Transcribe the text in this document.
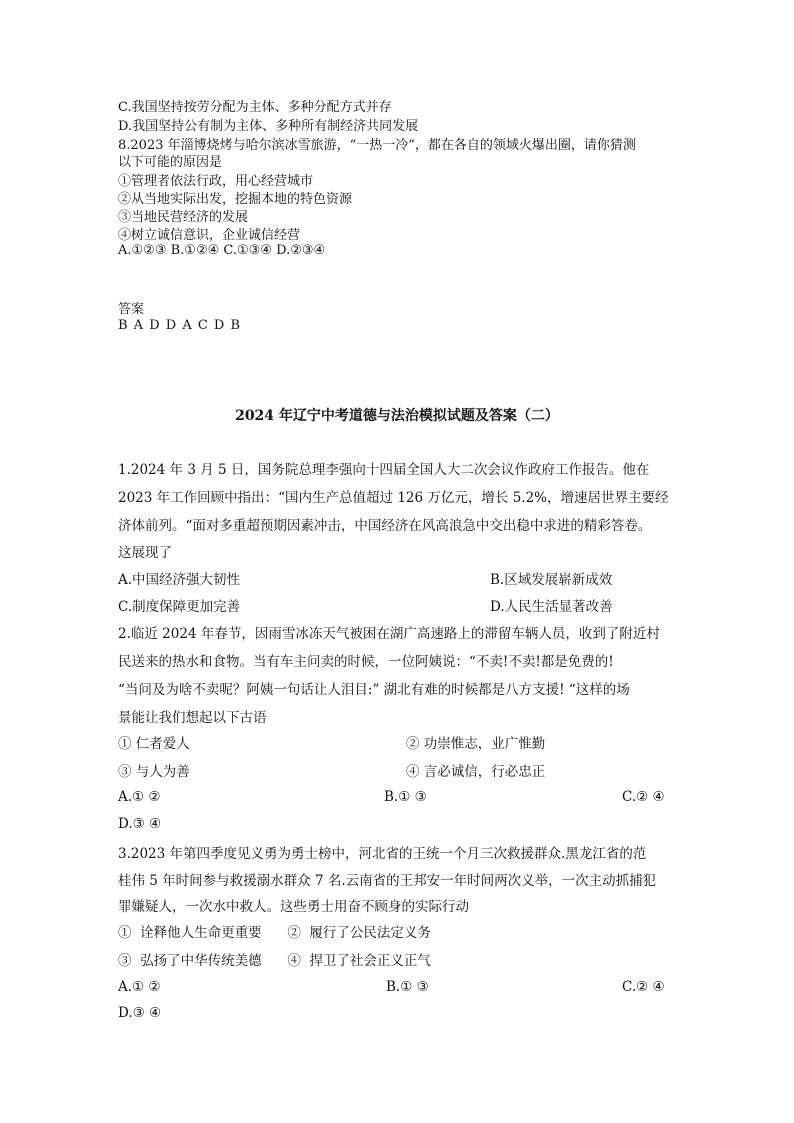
C.我国坚持按劳分配为主体、多种分配方式并存
D.我国坚持公有制为主体、多种所有制经济共同发展
8.2023 年淄博烧烤与哈尔滨冰雪旅游，“一热一冷”，都在各自的领域火爆出圈，请你猜测
以下可能的原因是
①管理者依法行政，用心经营城市
②从当地实际出发，挖掘本地的特色资源
③当地民营经济的发展
④树立诚信意识，企业诚信经营
A.①②③ B.①②④ C.①③④ D.②③④
答案
B A D D A C D B
2024 年辽宁中考道德与法治模拟试题及答案（二）
1.2024 年 3 月 5 日，国务院总理李强向十四届全国人大二次会议作政府工作报告。他在
2023 年工作回顾中指出：“国内生产总值超过 126 万亿元，增长 5.2%，增速居世界主要经
济体前列。“面对多重超预期因素冲击，中国经济在风高浪急中交出稳中求进的精彩答卷。
这展现了
A.中国经济强大韧性	B.区域发展崭新成效
C.制度保障更加完善	D.人民生活显著改善
2.临近 2024 年春节，因雨雪冰冻天气被困在湖广高速路上的滞留车辆人员，收到了附近村
民送来的热水和食物。当有车主问卖的时候，一位阿姨说：“不卖!不卖!都是免费的!
“当问及为啥不卖呢？阿姨一句话让人泪目:” 湖北有难的时候都是八方支援! “这样的场
景能让我们想起以下古语
① 仁者爱人	② 功崇惟志，业广惟勤
③ 与人为善	④ 言必诚信，行必忠正
A.① ②	B.① ③	C.② ④
D.③ ④
3.2023 年第四季度见义勇为勇士榜中，河北省的王统一个月三次救援群众.黑龙江省的范
桂伟 5 年时间参与救援溺水群众 7 名.云南省的王邦安一年时间两次义举，一次主动抓捕犯
罪嫌疑人，一次水中救人。这些勇士用奋不顾身的实际行动
①  诠释他人生命更重要      ②  履行了公民法定义务
③  弘扬了中华传统美德      ④  捍卫了社会正义正气
A.① ②	B.① ③	C.② ④
D.③ ④
